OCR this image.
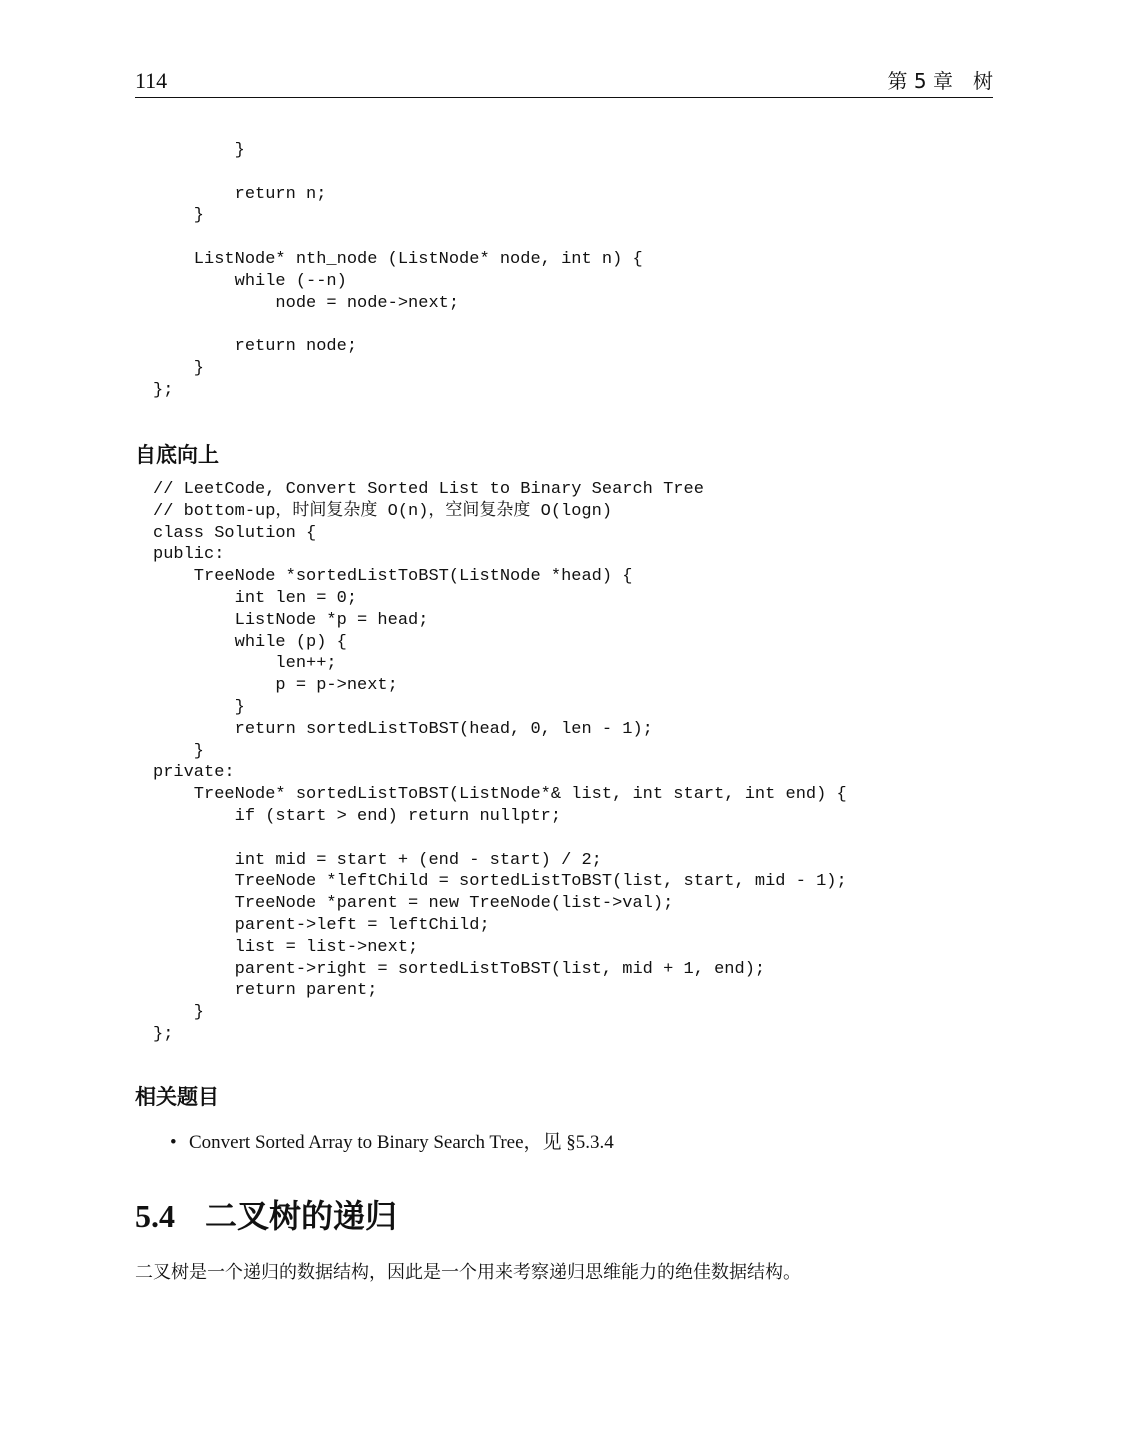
114	第 5 章　树
}
return n;
}
ListNode* nth_node (ListNode* node, int n) {
while (--n)
node = node->next;
return node;
}
};
自底向上
// LeetCode, Convert Sorted List to Binary Search Tree
// bottom-up，时间复杂度 O(n)，空间复杂度 O(logn)
class Solution {
public:
TreeNode *sortedListToBST(ListNode *head) {
int len = 0;
ListNode *p = head;
while (p) {
len++;
p = p->next;
}
return sortedListToBST(head, 0, len - 1);
}
private:
TreeNode* sortedListToBST(ListNode*& list, int start, int end) {
if (start > end) return nullptr;
int mid = start + (end - start) / 2;
TreeNode *leftChild = sortedListToBST(list, start, mid - 1);
TreeNode *parent = new TreeNode(list->val);
parent->left = leftChild;
list = list->next;
parent->right = sortedListToBST(list, mid + 1, end);
return parent;
}
};
相关题目
• Convert Sorted Array to Binary Search Tree，见 §5.3.4
5.4 二叉树的递归

二叉树是一个递归的数据结构，因此是一个用来考察递归思维能力的绝佳数据结构。
